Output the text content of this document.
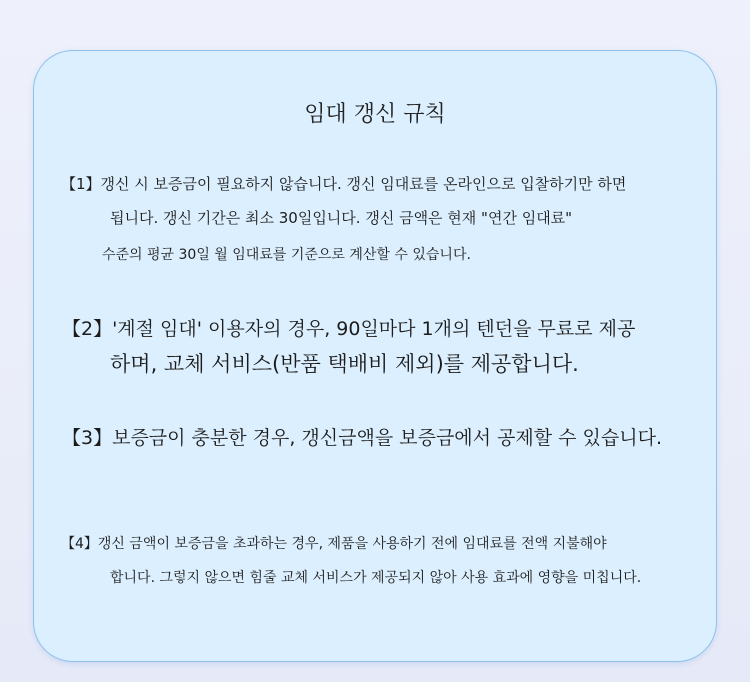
임대 갱신 규칙
【1】갱신 시 보증금이 필요하지 않습니다. 갱신 임대료를 온라인으로 입찰하기만 하면
됩니다. 갱신 기간은 최소 30일입니다. 갱신 금액은 현재 "연간 임대료"
수준의 평균 30일 월 임대료를 기준으로 계산할 수 있습니다.
【2】'계절 임대' 이용자의 경우, 90일마다 1개의 텐던을 무료로 제공
하며, 교체 서비스(반품 택배비 제외)를 제공합니다.
【3】보증금이 충분한 경우, 갱신금액을 보증금에서 공제할 수 있습니다.
【4】갱신 금액이 보증금을 초과하는 경우, 제품을 사용하기 전에 임대료를 전액 지불해야
합니다. 그렇지 않으면 힘줄 교체 서비스가 제공되지 않아 사용 효과에 영향을 미칩니다.
